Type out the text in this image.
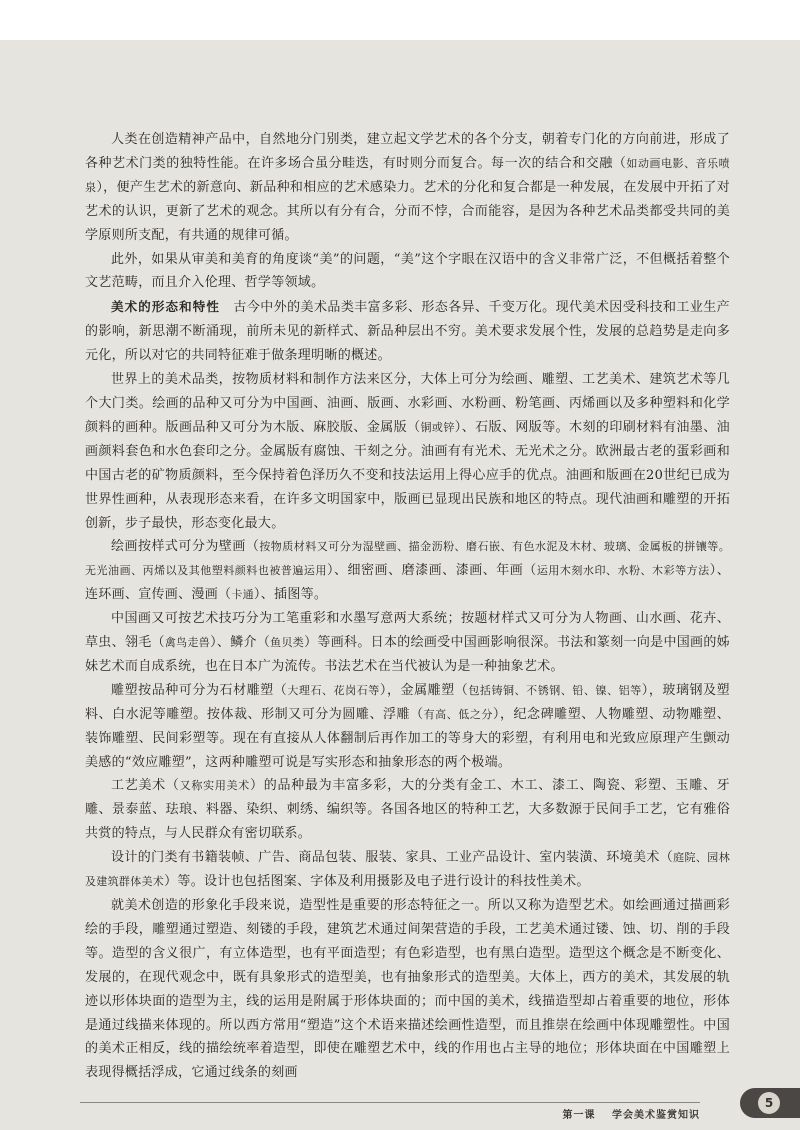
人类在创造精神产品中，自然地分门别类，建立起文学艺术的各个分支，朝着专门化的方向前进，形成了各种艺术门类的独特性能。在许多场合虽分畦迭，有时则分而复合。每一次的结合和交融（如动画电影、音乐喷泉），便产生艺术的新意向、新品种和相应的艺术感染力。艺术的分化和复合都是一种发展，在发展中开拓了对艺术的认识，更新了艺术的观念。其所以有分有合，分而不悖，合而能容，是因为各种艺术品类都受共同的美学原则所支配，有共通的规律可循。

此外，如果从审美和美育的角度谈“美”的问题，“美”这个字眼在汉语中的含义非常广泛，不但概括着整个文艺范畴，而且介入伦理、哲学等领域。

美术的形态和特性　古今中外的美术品类丰富多彩、形态各异、千变万化。现代美术因受科技和工业生产的影响，新思潮不断涌现，前所未见的新样式、新品种层出不穷。美术要求发展个性，发展的总趋势是走向多元化，所以对它的共同特征难于做条理明晰的概述。

世界上的美术品类，按物质材料和制作方法来区分，大体上可分为绘画、雕塑、工艺美术、建筑艺术等几个大门类。绘画的品种又可分为中国画、油画、版画、水彩画、水粉画、粉笔画、丙烯画以及多种塑料和化学颜料的画种。版画品种又可分为木版、麻胶版、金属版（铜或锌）、石版、网版等。木刻的印刷材料有油墨、油画颜料套色和水色套印之分。金属版有腐蚀、干刻之分。油画有有光术、无光术之分。欧洲最古老的蛋彩画和中国古老的矿物质颜料，至今保持着色泽历久不变和技法运用上得心应手的优点。油画和版画在20世纪已成为世界性画种，从表现形态来看，在许多文明国家中，版画已显现出民族和地区的特点。现代油画和雕塑的开拓创新，步子最快，形态变化最大。

绘画按样式可分为壁画（按物质材料又可分为湿壁画、描金沥粉、磨石嵌、有色水泥及木材、玻璃、金属板的拼镶等。无光油画、丙烯以及其他塑料颜料也被普遍运用）、细密画、磨漆画、漆画、年画（运用木刻水印、水粉、木彩等方法）、连环画、宣传画、漫画（卡通）、插图等。

中国画又可按艺术技巧分为工笔重彩和水墨写意两大系统；按题材样式又可分为人物画、山水画、花卉、草虫、翎毛（禽鸟走兽）、鳞介（鱼贝类）等画科。日本的绘画受中国画影响很深。书法和篆刻一向是中国画的姊妹艺术而自成系统，也在日本广为流传。书法艺术在当代被认为是一种抽象艺术。

雕塑按品种可分为石材雕塑（大理石、花岗石等），金属雕塑（包括铸铜、不锈钢、铅、镍、铝等），玻璃钢及塑料、白水泥等雕塑。按体裁、形制又可分为圆雕、浮雕（有高、低之分），纪念碑雕塑、人物雕塑、动物雕塑、装饰雕塑、民间彩塑等。现在有直接从人体翻制后再作加工的等身大的彩塑，有利用电和光致应原理产生颤动美感的“效应雕塑”，这两种雕塑可说是写实形态和抽象形态的两个极端。

工艺美术（又称实用美术）的品种最为丰富多彩，大的分类有金工、木工、漆工、陶瓷、彩塑、玉雕、牙雕、景泰蓝、珐琅、料器、染织、刺绣、编织等。各国各地区的特种工艺，大多数源于民间手工艺，它有雅俗共赏的特点，与人民群众有密切联系。

设计的门类有书籍装帧、广告、商品包装、服装、家具、工业产品设计、室内装潢、环境美术（庭院、园林及建筑群体美术）等。设计也包括图案、字体及利用摄影及电子进行设计的科技性美术。

就美术创造的形象化手段来说，造型性是重要的形态特征之一。所以又称为造型艺术。如绘画通过描画彩绘的手段，雕塑通过塑造、刻镂的手段，建筑艺术通过间架营造的手段，工艺美术通过镂、蚀、切、削的手段等。造型的含义很广，有立体造型，也有平面造型；有色彩造型，也有黑白造型。造型这个概念是不断变化、发展的，在现代观念中，既有具象形式的造型美，也有抽象形式的造型美。大体上，西方的美术，其发展的轨迹以形体块面的造型为主，线的运用是附属于形体块面的；而中国的美术，线描造型却占着重要的地位，形体是通过线描来体现的。所以西方常用“塑造”这个术语来描述绘画性造型，而且推崇在绘画中体现雕塑性。中国的美术正相反，线的描绘统率着造型，即使在雕塑艺术中，线的作用也占主导的地位；形体块面在中国雕塑上表现得概括浮成，它通过线条的刻画

第一课 学会美术鉴赏知识
5
